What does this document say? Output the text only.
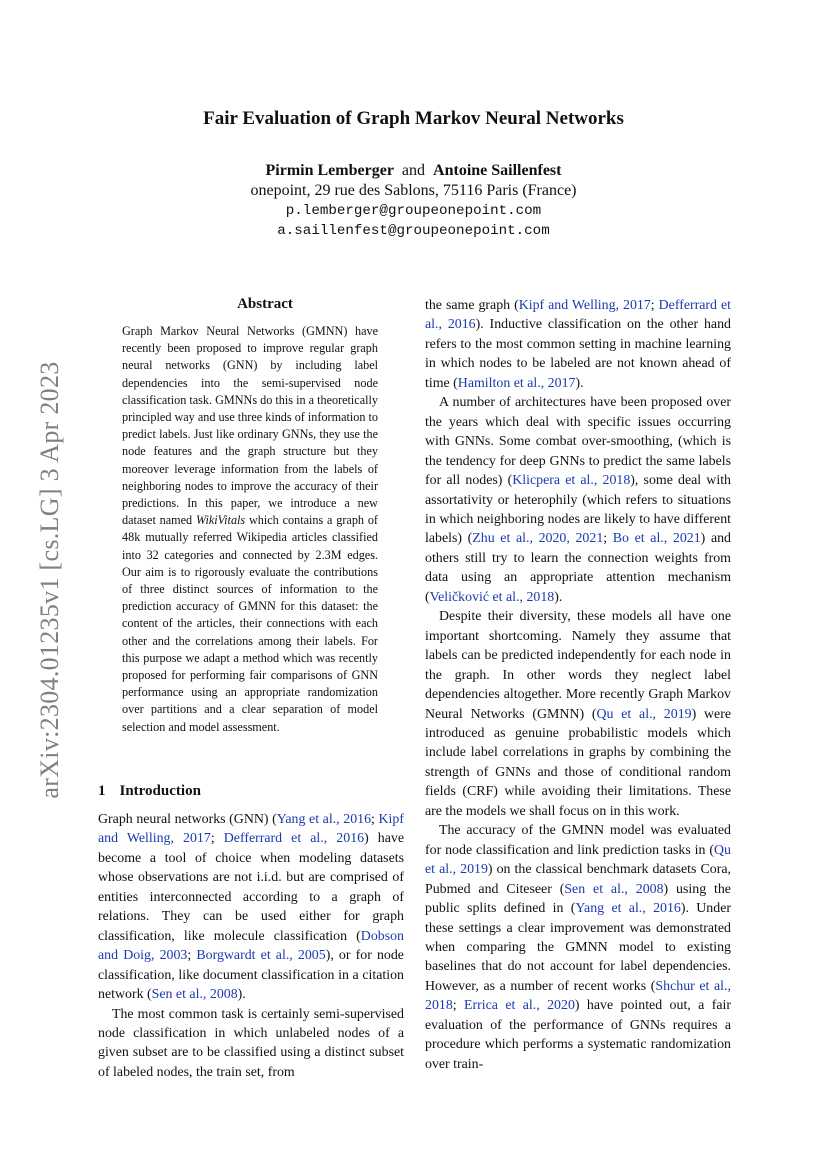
arXiv:2304.01235v1 [cs.LG] 3 Apr 2023
Fair Evaluation of Graph Markov Neural Networks
Pirmin Lemberger and Antoine Saillenfest
onepoint, 29 rue des Sablons, 75116 Paris (France)
p.lemberger@groupeonepoint.com
a.saillenfest@groupeonepoint.com
Abstract

Graph Markov Neural Networks (GMNN) have recently been proposed to improve regular graph neural networks (GNN) by including label dependencies into the semi-supervised node classification task. GMNNs do this in a theoretically principled way and use three kinds of information to predict labels. Just like ordinary GNNs, they use the node features and the graph structure but they moreover leverage information from the labels of neighboring nodes to improve the accuracy of their predictions. In this paper, we introduce a new dataset named WikiVitals which contains a graph of 48k mutually referred Wikipedia articles classified into 32 categories and connected by 2.3M edges. Our aim is to rigorously evaluate the contributions of three distinct sources of information to the prediction accuracy of GMNN for this dataset: the content of the articles, their connections with each other and the correlations among their labels. For this purpose we adapt a method which was recently proposed for performing fair comparisons of GNN performance using an appropriate randomization over partitions and a clear separation of model selection and model assessment.

1 Introduction

Graph neural networks (GNN) (Yang et al., 2016; Kipf and Welling, 2017; Defferrard et al., 2016) have become a tool of choice when modeling datasets whose observations are not i.i.d. but are comprised of entities interconnected according to a graph of relations. They can be used either for graph classification, like molecule classification (Dobson and Doig, 2003; Borgwardt et al., 2005), or for node classification, like document classification in a citation network (Sen et al., 2008).

The most common task is certainly semi-supervised node classification in which unlabeled nodes of a given subset are to be classified using a distinct subset of labeled nodes, the train set, from

the same graph (Kipf and Welling, 2017; Defferrard et al., 2016). Inductive classification on the other hand refers to the most common setting in machine learning in which nodes to be labeled are not known ahead of time (Hamilton et al., 2017).

A number of architectures have been proposed over the years which deal with specific issues occurring with GNNs. Some combat over-smoothing, (which is the tendency for deep GNNs to predict the same labels for all nodes) (Klicpera et al., 2018), some deal with assortativity or heterophily (which refers to situations in which neighboring nodes are likely to have different labels) (Zhu et al., 2020, 2021; Bo et al., 2021) and others still try to learn the connection weights from data using an appropriate attention mechanism (Veličković et al., 2018).

Despite their diversity, these models all have one important shortcoming. Namely they assume that labels can be predicted independently for each node in the graph. In other words they neglect label dependencies altogether. More recently Graph Markov Neural Networks (GMNN) (Qu et al., 2019) were introduced as genuine probabilistic models which include label correlations in graphs by combining the strength of GNNs and those of conditional random fields (CRF) while avoiding their limitations. These are the models we shall focus on in this work.

The accuracy of the GMNN model was evaluated for node classification and link prediction tasks in (Qu et al., 2019) on the classical benchmark datasets Cora, Pubmed and Citeseer (Sen et al., 2008) using the public splits defined in (Yang et al., 2016). Under these settings a clear improvement was demonstrated when comparing the GMNN model to existing baselines that do not account for label dependencies. However, as a number of recent works (Shchur et al., 2018; Errica et al., 2020) have pointed out, a fair evaluation of the performance of GNNs requires a procedure which performs a systematic randomization over train-
